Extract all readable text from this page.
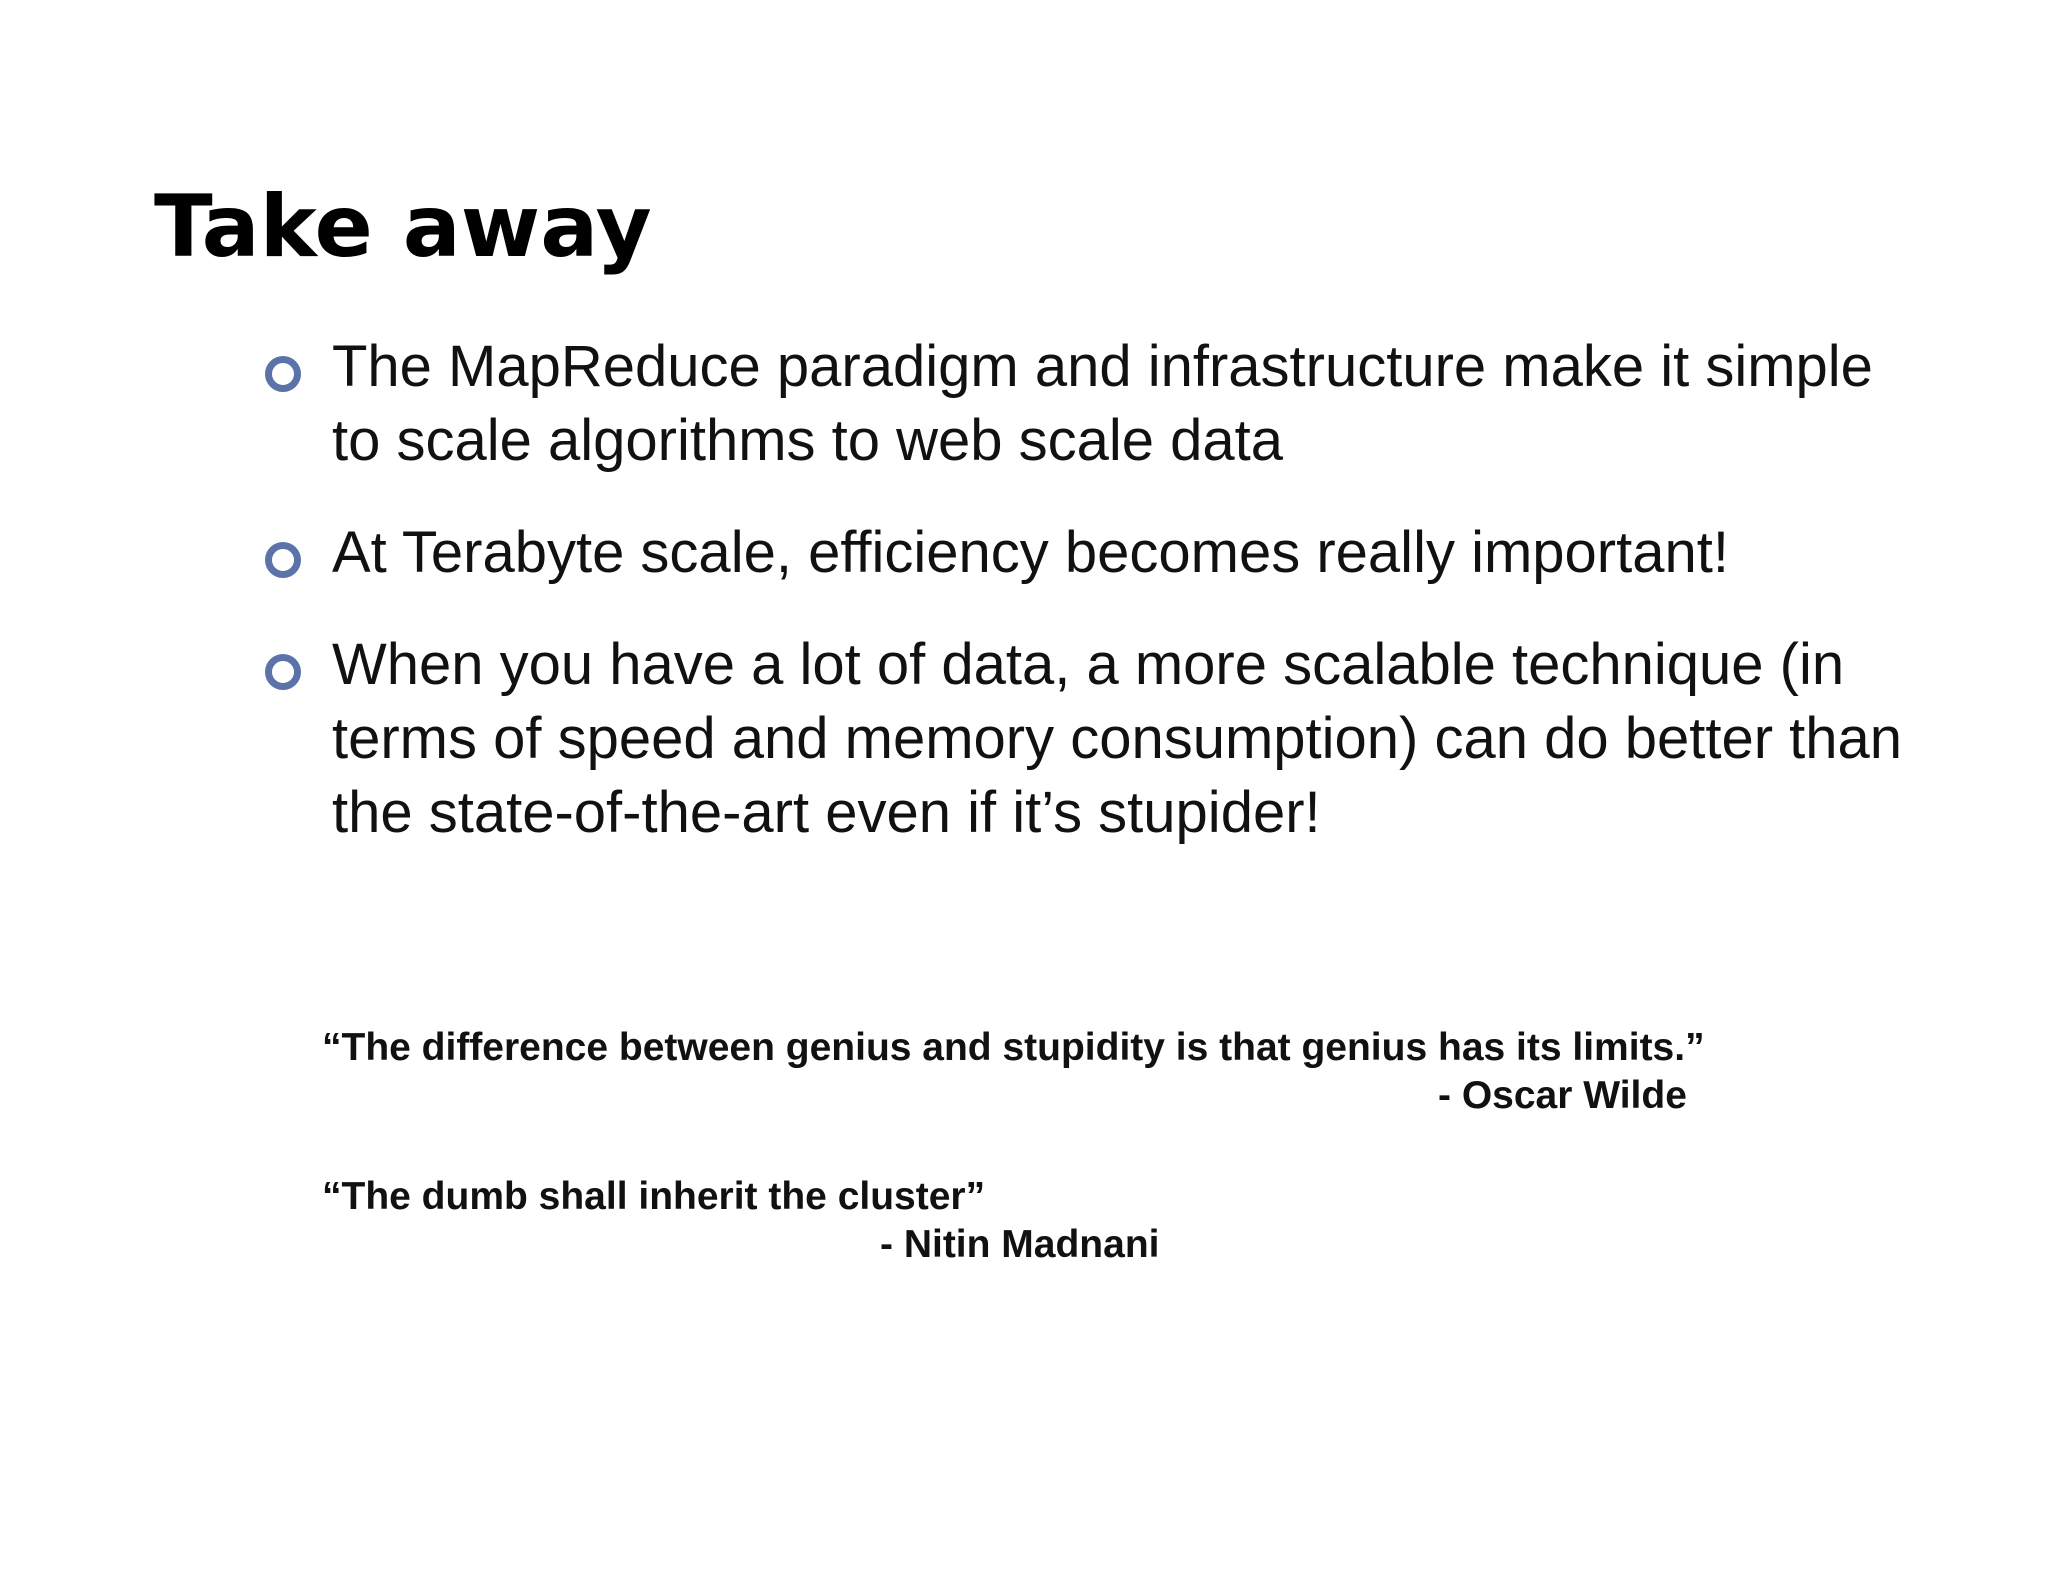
Take away
The MapReduce paradigm and infrastructure make it simple to scale algorithms to web scale data
At Terabyte scale, efficiency becomes really important!
When you have a lot of data, a more scalable technique (in terms of speed and memory consumption) can do better than the state-of-the-art even if it’s stupider!

“The difference between genius and stupidity is that genius has its limits.”

- Oscar Wilde

“The dumb shall inherit the cluster”

- Nitin Madnani
